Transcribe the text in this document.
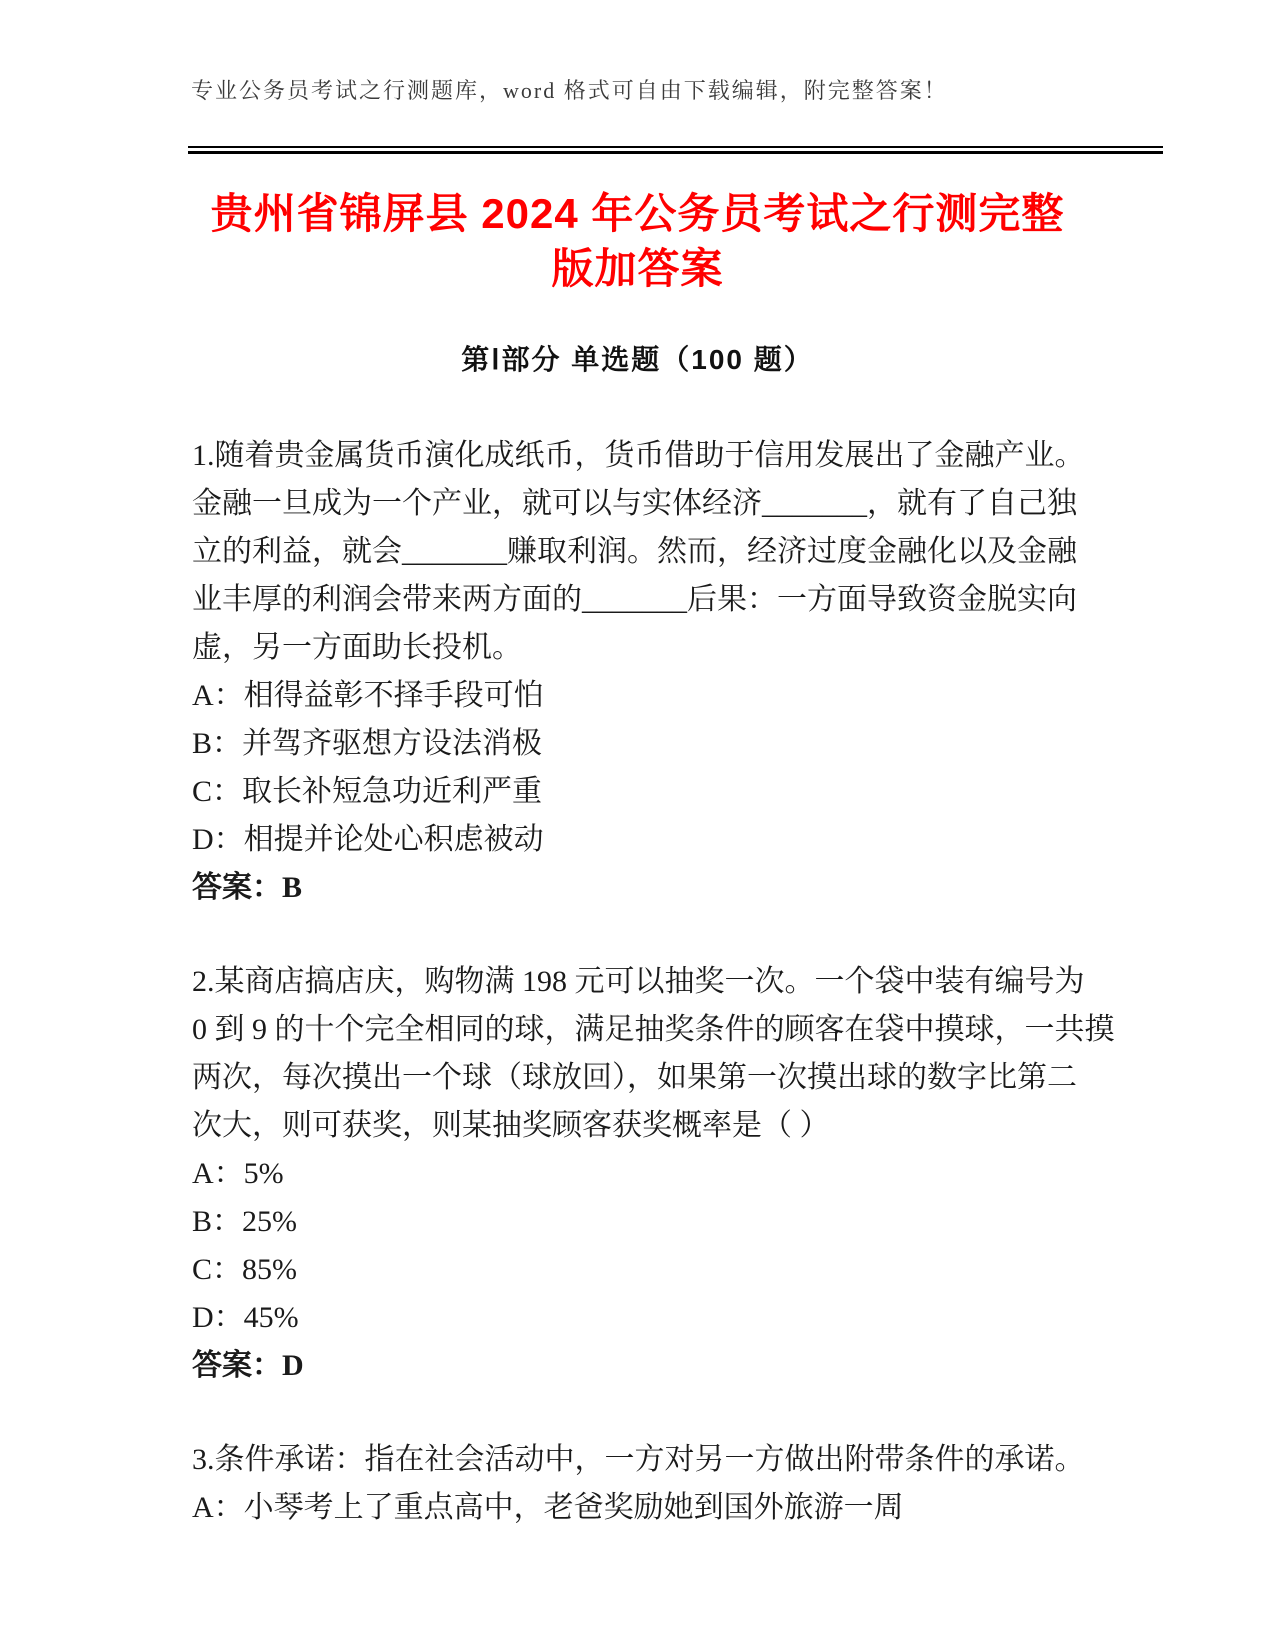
专业公务员考试之行测题库，word 格式可自由下载编辑，附完整答案！
贵州省锦屏县 2024 年公务员考试之行测完整
版加答案
第Ⅰ部分 单选题（100 题）
1.随着贵金属货币演化成纸币，货币借助于信用发展出了金融产业。
金融一旦成为一个产业，就可以与实体经济_______，就有了自己独
立的利益，就会_______赚取利润。然而，经济过度金融化以及金融
业丰厚的利润会带来两方面的_______后果：一方面导致资金脱实向
虚，另一方面助长投机。
A：相得益彰不择手段可怕
B：并驾齐驱想方设法消极
C：取长补短急功近利严重
D：相提并论处心积虑被动
答案：B
2.某商店搞店庆，购物满 198 元可以抽奖一次。一个袋中装有编号为
0 到 9 的十个完全相同的球，满足抽奖条件的顾客在袋中摸球，一共摸
两次，每次摸出一个球（球放回），如果第一次摸出球的数字比第二
次大，则可获奖，则某抽奖顾客获奖概率是（ ）
A：5%
B：25%
C：85%
D：45%
答案：D
3.条件承诺：指在社会活动中，一方对另一方做出附带条件的承诺。
A：小琴考上了重点高中，老爸奖励她到国外旅游一周
